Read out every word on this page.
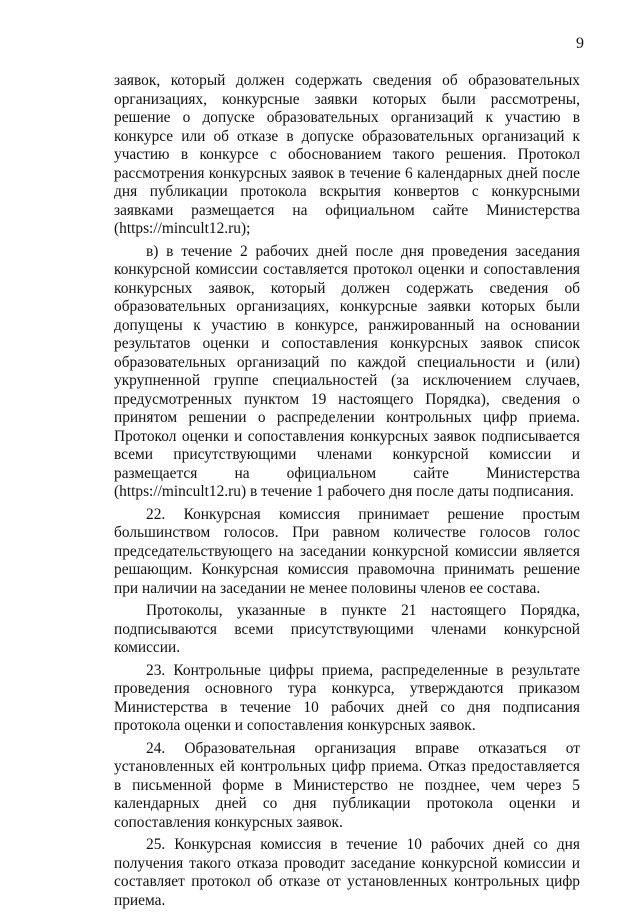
9

заявок, который должен содержать сведения об образовательных организациях, конкурсные заявки которых были рассмотрены, решение о допуске образовательных организаций к участию в конкурсе или об отказе в допуске образовательных организаций к участию в конкурсе с обоснованием такого решения. Протокол рассмотрения конкурсных заявок в течение 6 календарных дней после дня публикации протокола вскрытия конвертов с конкурсными заявками размещается на официальном сайте Министерства (https://mincult12.ru);

в) в течение 2 рабочих дней после дня проведения заседания конкурсной комиссии составляется протокол оценки и сопоставления конкурсных заявок, который должен содержать сведения об образовательных организациях, конкурсные заявки которых были допущены к участию в конкурсе, ранжированный на основании результатов оценки и сопоставления конкурсных заявок список образовательных организаций по каждой специальности и (или) укрупненной группе специальностей (за исключением случаев, предусмотренных пунктом 19 настоящего Порядка), сведения о принятом решении о распределении контрольных цифр приема. Протокол оценки и сопоставления конкурсных заявок подписывается всеми присутствующими членами конкурсной комиссии и размещается на официальном сайте Министерства (https://mincult12.ru) в течение 1 рабочего дня после даты подписания.

22. Конкурсная комиссия принимает решение простым большинством голосов. При равном количестве голосов голос председательствующего на заседании конкурсной комиссии является решающим. Конкурсная комиссия правомочна принимать решение при наличии на заседании не менее половины членов ее состава.

Протоколы, указанные в пункте 21 настоящего Порядка, подписываются всеми присутствующими членами конкурсной комиссии.

23. Контрольные цифры приема, распределенные в результате проведения основного тура конкурса, утверждаются приказом Министерства в течение 10 рабочих дней со дня подписания протокола оценки и сопоставления конкурсных заявок.

24. Образовательная организация вправе отказаться от установленных ей контрольных цифр приема. Отказ предоставляется в письменной форме в Министерство не позднее, чем через 5 календарных дней со дня публикации протокола оценки и сопоставления конкурсных заявок.

25. Конкурсная комиссия в течение 10 рабочих дней со дня получения такого отказа проводит заседание конкурсной комиссии и составляет протокол об отказе от установленных контрольных цифр приема.
